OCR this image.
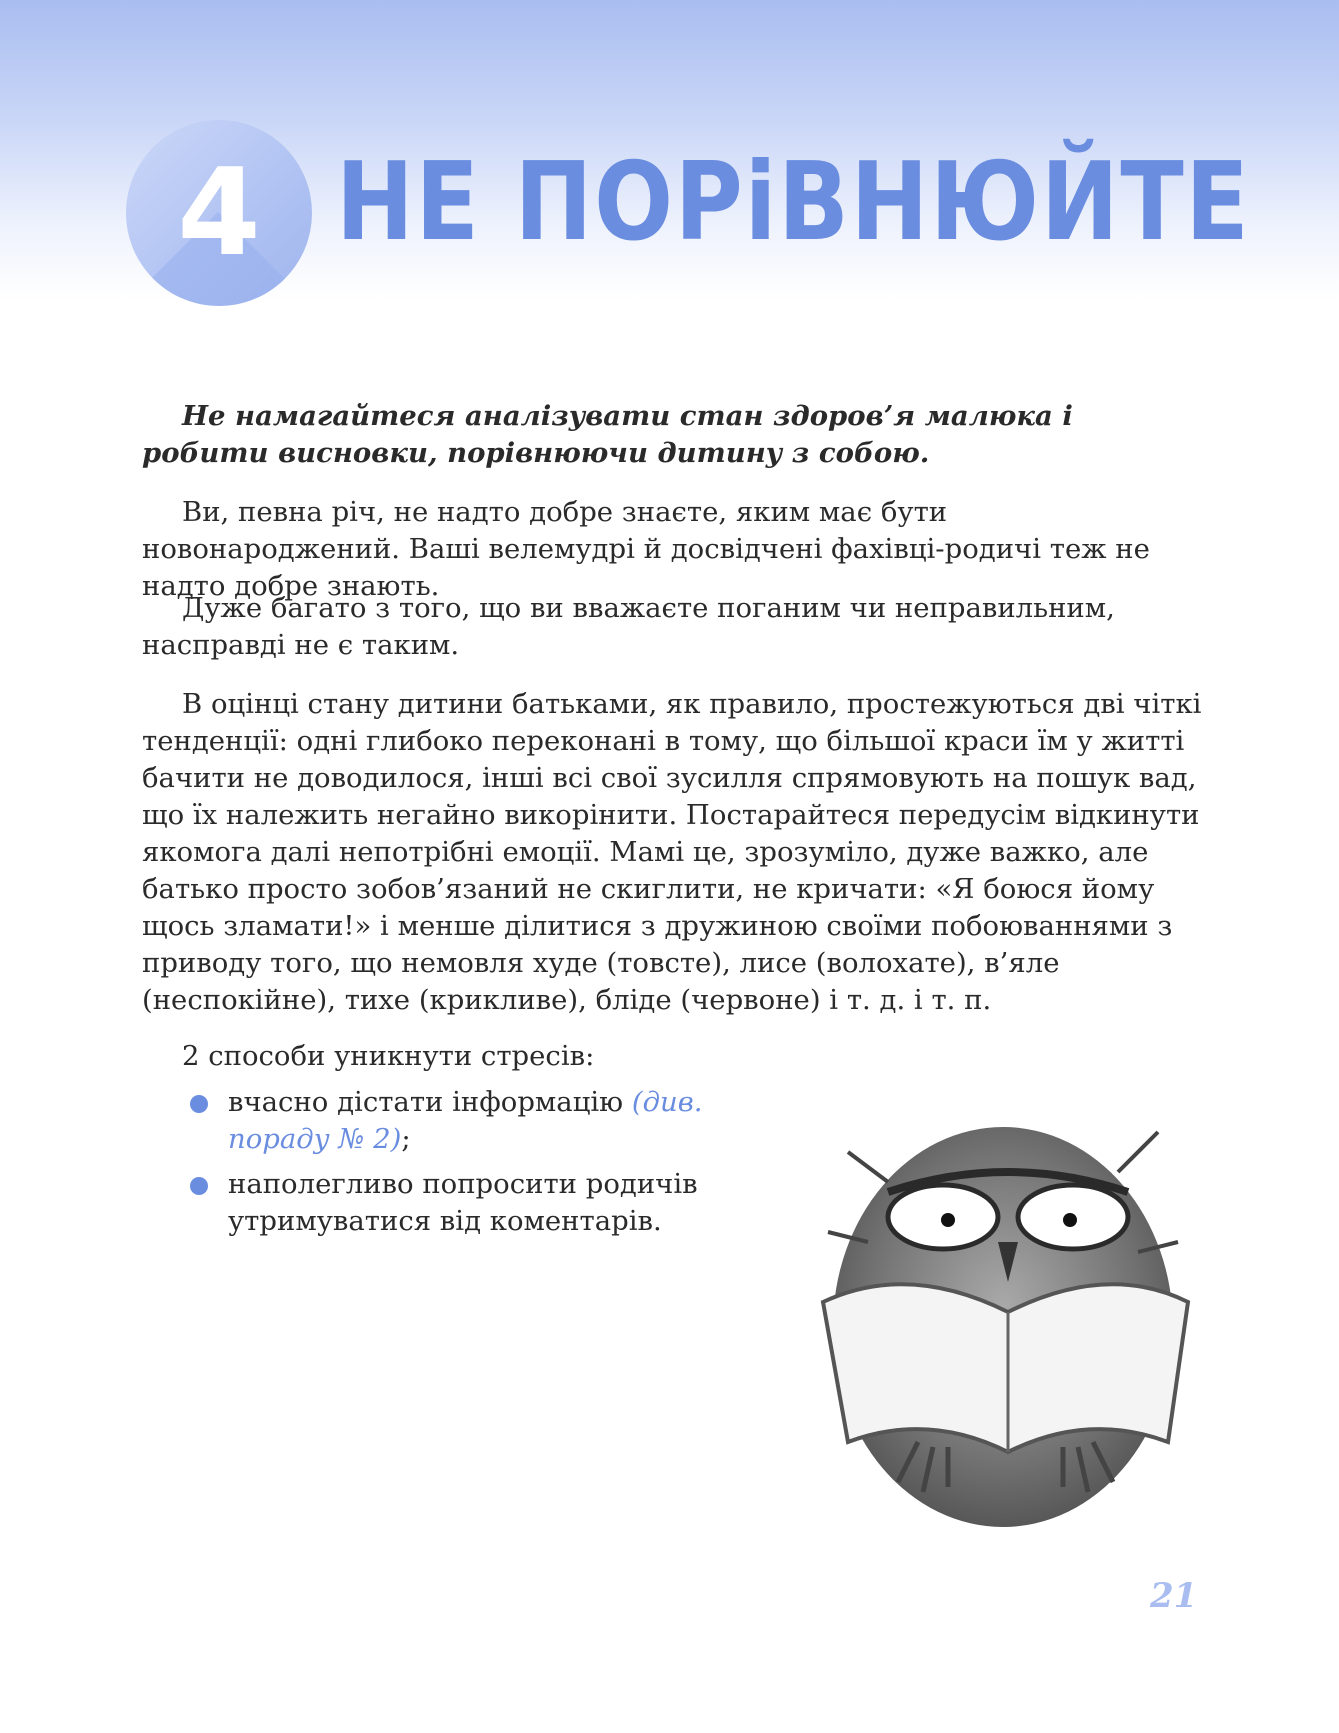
4 НЕ ПОРіВНЮЙТЕ

Не намагайтеся аналізувати стан здоров’я малюка і робити висновки, порівнюючи дитину з собою.

Ви, певна річ, не надто добре знаєте, яким має бути новонароджений. Ваші велемудрі й досвідчені фахівці-родичі теж не надто добре знають.

Дуже багато з того, що ви вважаєте поганим чи неправильним, насправді не є таким.

В оцінці стану дитини батьками, як правило, простежуються дві чіткі тенденції: одні глибоко переконані в тому, що більшої краси їм у житті бачити не доводилося, інші всі свої зусилля спрямовують на пошук вад, що їх належить негайно викорінити. Постарайтеся передусім відкинути якомога далі непотрібні емоції. Мамі це, зрозуміло, дуже важко, але батько просто зобов’язаний не скиглити, не кричати: «Я боюся йому щось зламати!» і менше ділитися з дружиною своїми побоюваннями з приводу того, що немовля худе (товсте), лисе (волохате), в’яле (неспокійне), тихе (крикливе), бліде (червоне) і т. д. і т. п.

2 способи уникнути стресів:

вчасно дістати інформацію (див. пораду № 2);
наполегливо попросити родичів утримуватися від коментарів.
21
